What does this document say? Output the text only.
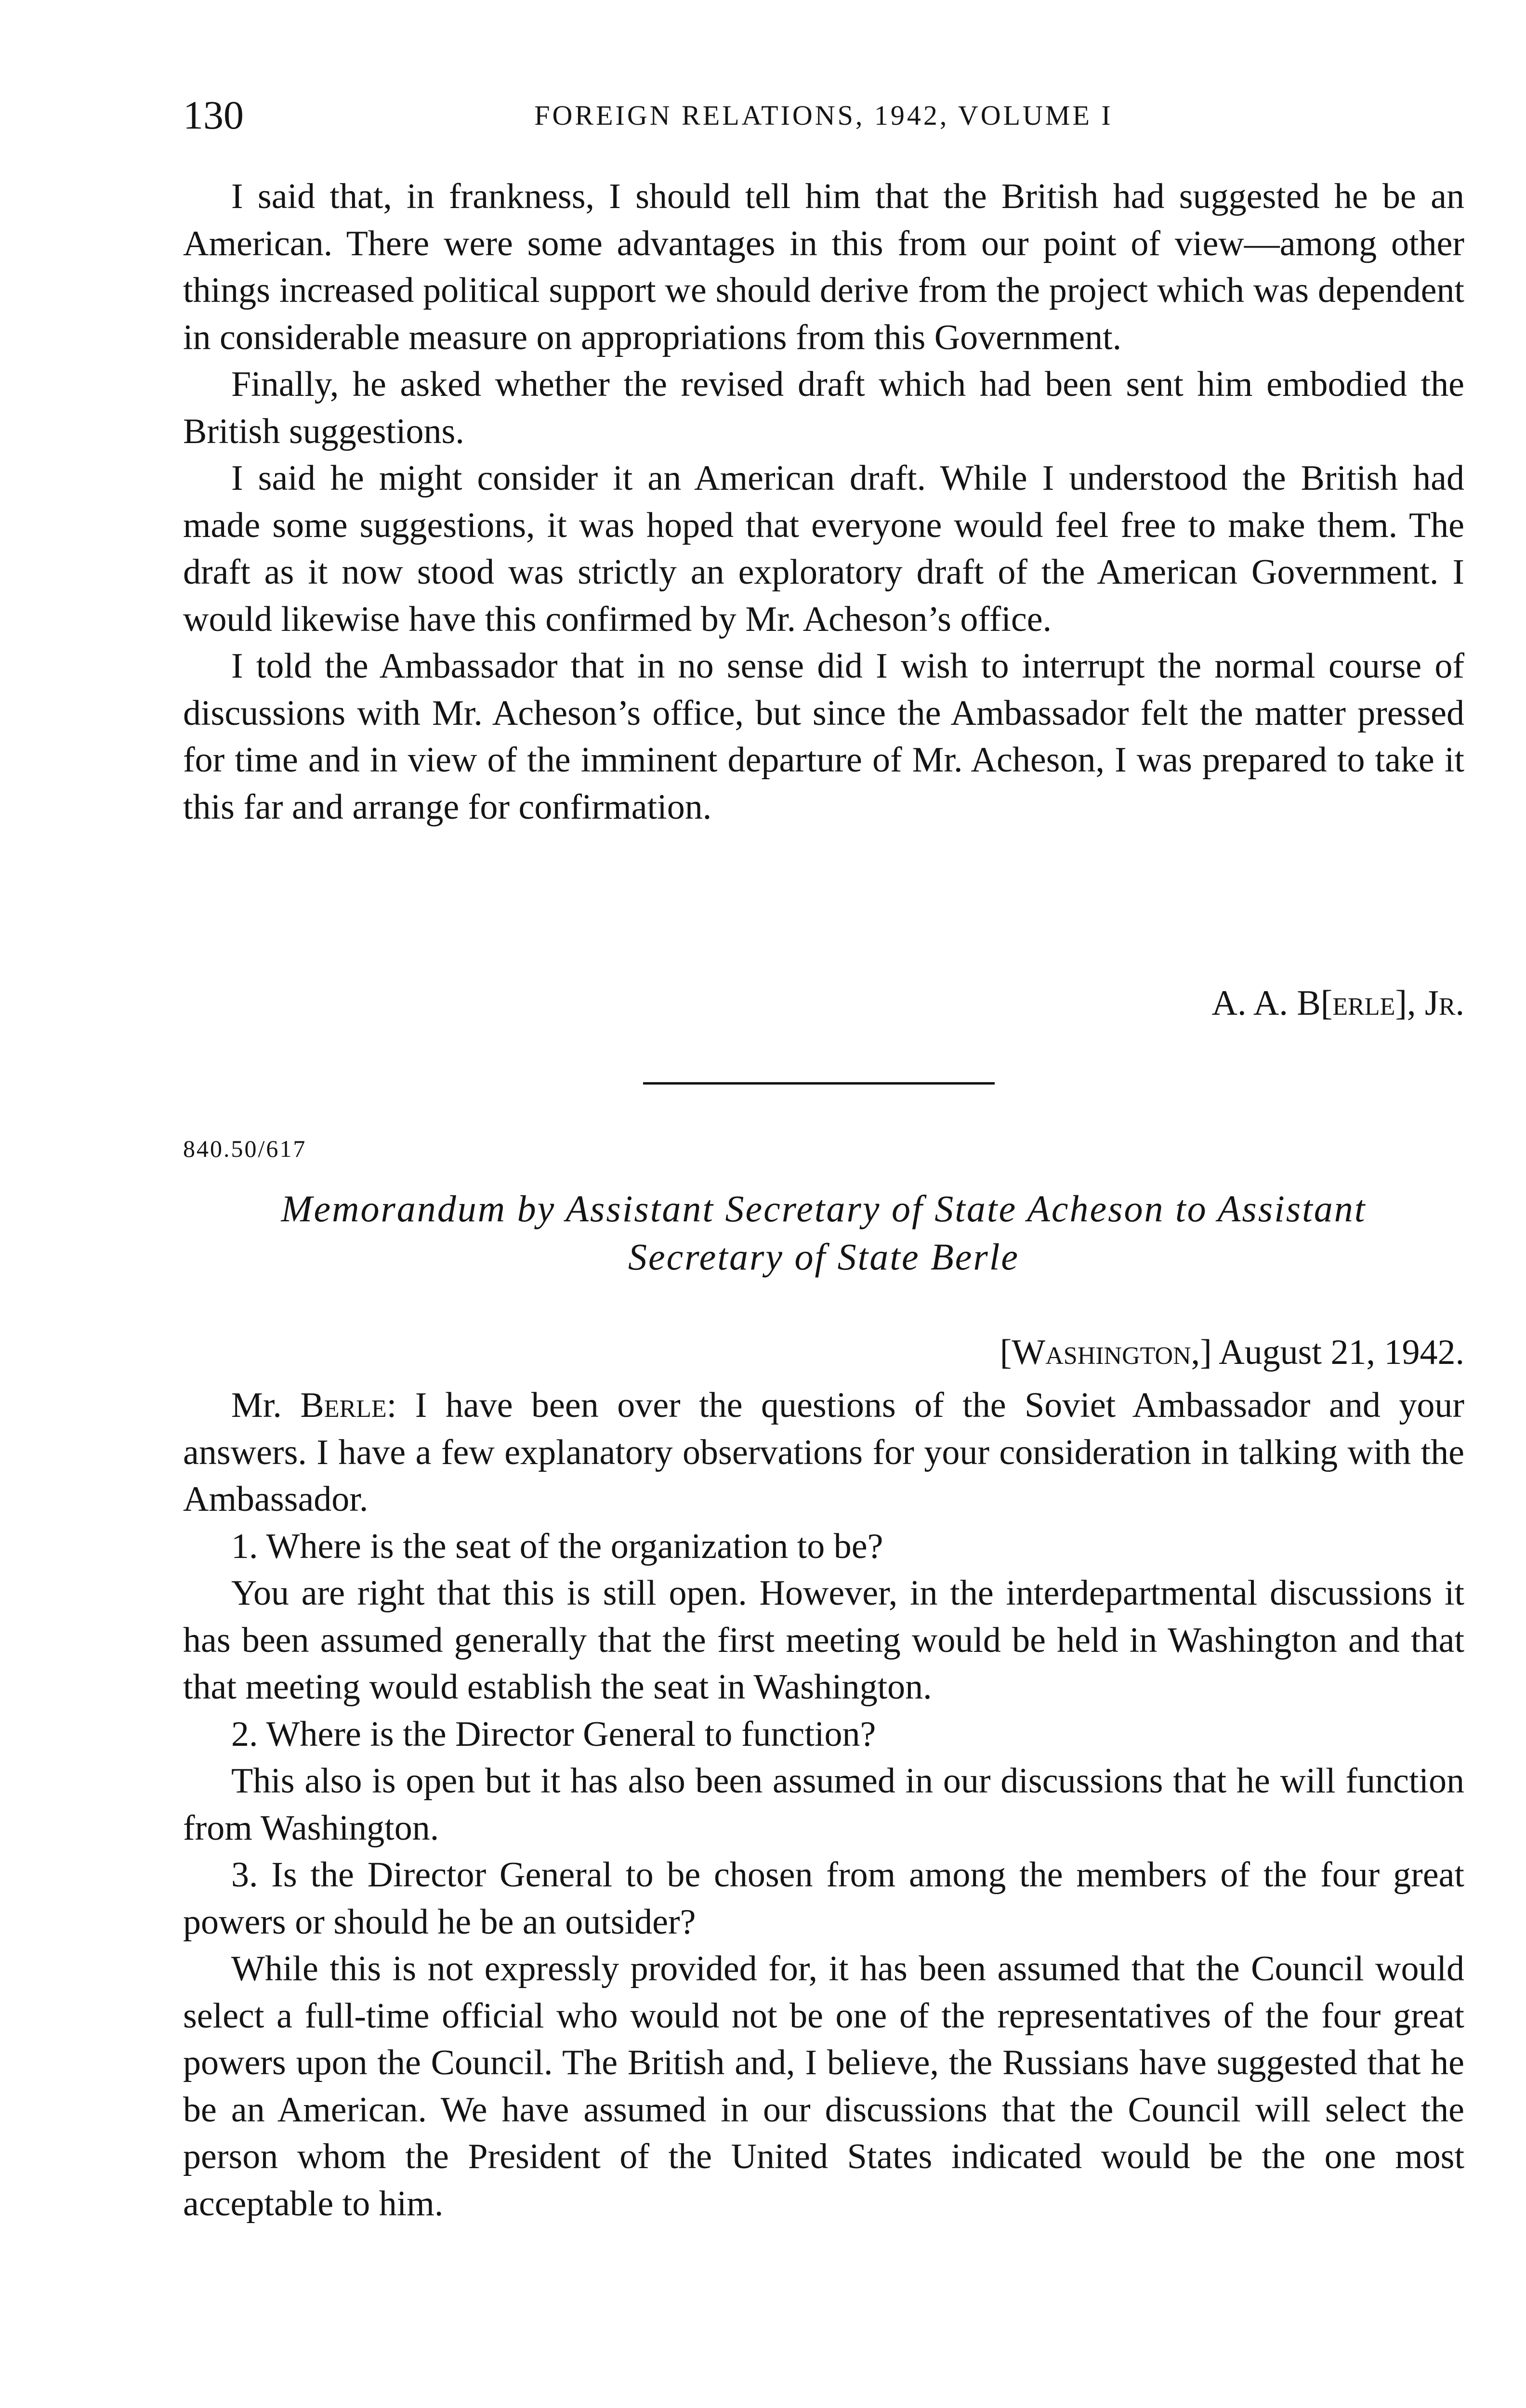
130	FOREIGN RELATIONS, 1942, VOLUME I

I said that, in frankness, I should tell him that the British had suggested he be an American. There were some advantages in this from our point of view—among other things increased political support we should derive from the project which was dependent in considerable measure on appropriations from this Government.

Finally, he asked whether the revised draft which had been sent him embodied the British suggestions.

I said he might consider it an American draft. While I understood the British had made some suggestions, it was hoped that everyone would feel free to make them. The draft as it now stood was strictly an exploratory draft of the American Government. I would likewise have this confirmed by Mr. Acheson’s office.

I told the Ambassador that in no sense did I wish to interrupt the normal course of discussions with Mr. Acheson’s office, but since the Ambassador felt the matter pressed for time and in view of the imminent departure of Mr. Acheson, I was prepared to take it this far and arrange for confirmation.

A. A. B[erle], Jr.
840.50/617
Memorandum by Assistant Secretary of State Acheson to Assistant
Secretary of State Berle
[Washington,] August 21, 1942.

Mr. Berle: I have been over the questions of the Soviet Ambassador and your answers. I have a few explanatory observations for your consideration in talking with the Ambassador.

1. Where is the seat of the organization to be?

You are right that this is still open. However, in the interdepartmental discussions it has been assumed generally that the first meeting would be held in Washington and that that meeting would establish the seat in Washington.

2. Where is the Director General to function?

This also is open but it has also been assumed in our discussions that he will function from Washington.

3. Is the Director General to be chosen from among the members of the four great powers or should he be an outsider?

While this is not expressly provided for, it has been assumed that the Council would select a full-time official who would not be one of the representatives of the four great powers upon the Council. The British and, I believe, the Russians have suggested that he be an American. We have assumed in our discussions that the Council will select the person whom the President of the United States indicated would be the one most acceptable to him.
